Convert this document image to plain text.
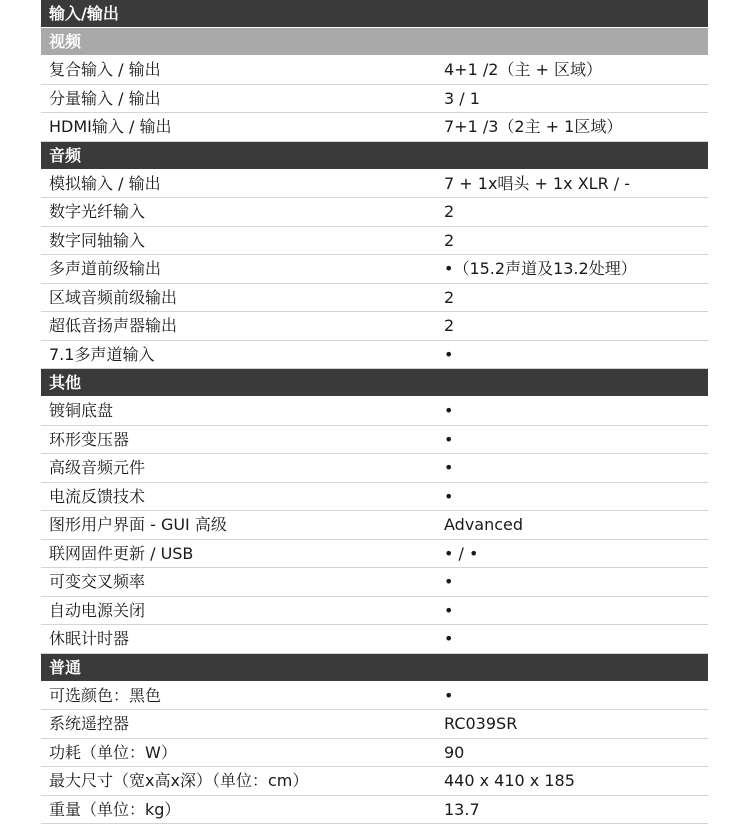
输入/输出
视频
复合输入 / 输出	4+1 /2（主 + 区域）
分量输入 / 输出	3 / 1
HDMI输入 / 输出	7+1 /3（2主 + 1区域）
音频
模拟输入 / 输出	7 + 1x唱头 + 1x XLR / -
数字光纤输入	2
数字同轴输入	2
多声道前级输出	•（15.2声道及13.2处理）
区域音频前级输出	2
超低音扬声器输出	2
7.1多声道输入	•
其他
镀铜底盘	•
环形变压器	•
高级音频元件	•
电流反馈技术	•
图形用户界面 - GUI 高级	Advanced
联网固件更新 / USB	• / •
可变交叉频率	•
自动电源关闭	•
休眠计时器	•
普通
可选颜色：黑色	•
系统遥控器	RC039SR
功耗（单位：W）	90
最大尺寸（宽x高x深）（单位：cm）	440 x 410 x 185
重量（单位：kg）	13.7
